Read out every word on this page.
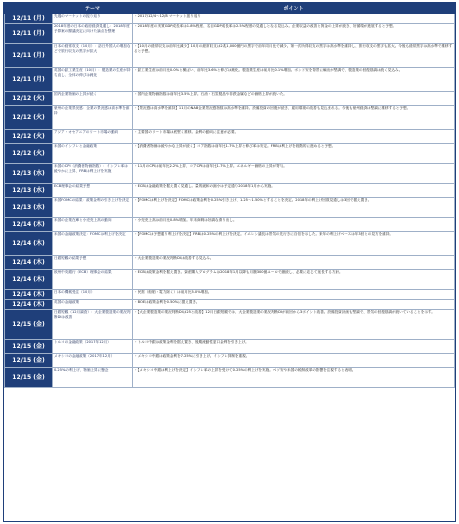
	テーマ	ポイント
12/11 (月)	先週のマーケットの振り返り	・2017/12/4～12/8 マーケット振り返り
12/11 (月)	2018年度の日本の政府経済見通し：2018年度予算案の閣議決定に向けた論点を整理	・2018年度の実質GDP成長率は1.8%程度、名目GDP成長率は2.5%程度の見通しとなる見込み。企業収益の改善と賃金の上昇が続き、好循環が進展すると予想。
12/11 (月)	日本の経常収支（10月）：訪日外国人の増加などで旅行収支の黒字が拡大	・【10月の経常収支は前年比減少】10月の経常収支は2兆1,000億円の黒字で前年同月比で減少。第一次所得収支の黒字は高水準を維持し、旅行収支の黒字も拡大。今後も経常黒字は高水準で推移すると予想。
12/11 (月)	英国の鉱工業生産（10月）：製造業の生産が持ち直し、全体の伸びは鈍化	・鉱工業生産は前月比0.0%と横ばい、前年比3.6%と伸びは鈍化。製造業生産は前月比0.1%増加。ポンド安を背景に輸出が堅調で、製造業の回復基調は続く見込み。
12/12 (火)	国内企業物価の上昇が続く	・国内企業物価指数は前年比3.5%上昇。石油・石炭製品や非鉄金属などの価格上昇が続いた。
12/12 (火)	豪州の企業景況感：企業の景況感は高水準を維持	・【景況感は高水準を維持】11月のNAB企業景況感指数は高水準を維持。設備投資の回復が続き、雇用環境の改善も見込まれる。今後も豪州経済は堅調に推移すると予想。
12/12 (火)	アジア・オセアニアのリート市場の動向	・主要国のリート市場は底堅く推移。金利の動向に注意が必要。
12/12 (火)	米国のインフレと金融政策	・【消費者物価は緩やかな上昇が続く】コア指数は前年比1.7%上昇と伸び率は安定。FRBは利上げを段階的に進めると予想。
12/13 (水)	米国のCPI（消費者物価指数）：インフレ率は緩やかに上昇、FRBは利上げを実施	・11月のCPIは前年比2.2%上昇、コアCPIは前年比1.7%上昇。エネルギー価格の上昇が寄与。
12/13 (水)	ECB理事会の結果予想	・ECBは金融政策を据え置く見通し。量的緩和の縮小は予定通り2018年1月から実施。
12/13 (水)	米国FOMCの結果：政策金利の引き上げを決定	・【FOMCは利上げを決定】FOMCは政策金利を0.25%引き上げ、1.25～1.50%とすることを決定。2018年の利上げ回数見通しは3回で据え置き。
12/14 (木)	米国の企業在庫と小売売上高の動向	・小売売上高は前月比0.8%増加。年末商戦は好調な滑り出し。
12/14 (木)	米国の金融政策決定：FOMCは利上げを決定	・【FOMCは予想通り利上げを決定】FRBは0.25%の利上げを決定。イエレン議長は景気の先行きに自信を示した。来年の利上げペースは年3回との見方を維持。
12/14 (木)	日銀短観の結果予想	・大企業製造業の業況判断DIは改善する見込み。
12/14 (木)	欧州中央銀行（ECB）理事会の結果	・ECBは政策金利を据え置き。資産購入プログラムは2018年1月以降も月額300億ユーロで継続し、必要に応じて延長する方針。
12/14 (木)	日本の機械受注（10月）	・民需（船舶・電力除く）は前月比5.0%増加。
12/14 (木)	英国の金融政策	・BOEは政策金利を0.50%に据え置き。
12/15 (金)	日銀短観（12月調査）：大企業製造業の業況判断DIは改善	・【大企業製造業の業況判断DIは25と改善】12月日銀短観では、大企業製造業の業況判断DIが前回から3ポイント改善。設備投資計画も堅調で、景気の回復基調が続いていることを示す。
12/15 (金)	トルコの金融政策（2017年12月）	・トルコ中銀は政策金利を据え置き、後期流動性窓口金利を引き上げ。
12/15 (金)	メキシコの金融政策（2017年12月）	・メキシコ中銀は政策金利を7.25%に引き上げ。インフレ抑制を重視。
12/15 (金)	0.25%の利上げ、物価上昇に懸念	・【メキシコ中銀は利上げを決定】インフレ率の上昇を受けて0.25%の利上げを実施。ペソ安や米国の税制改革の影響を注視すると表明。
